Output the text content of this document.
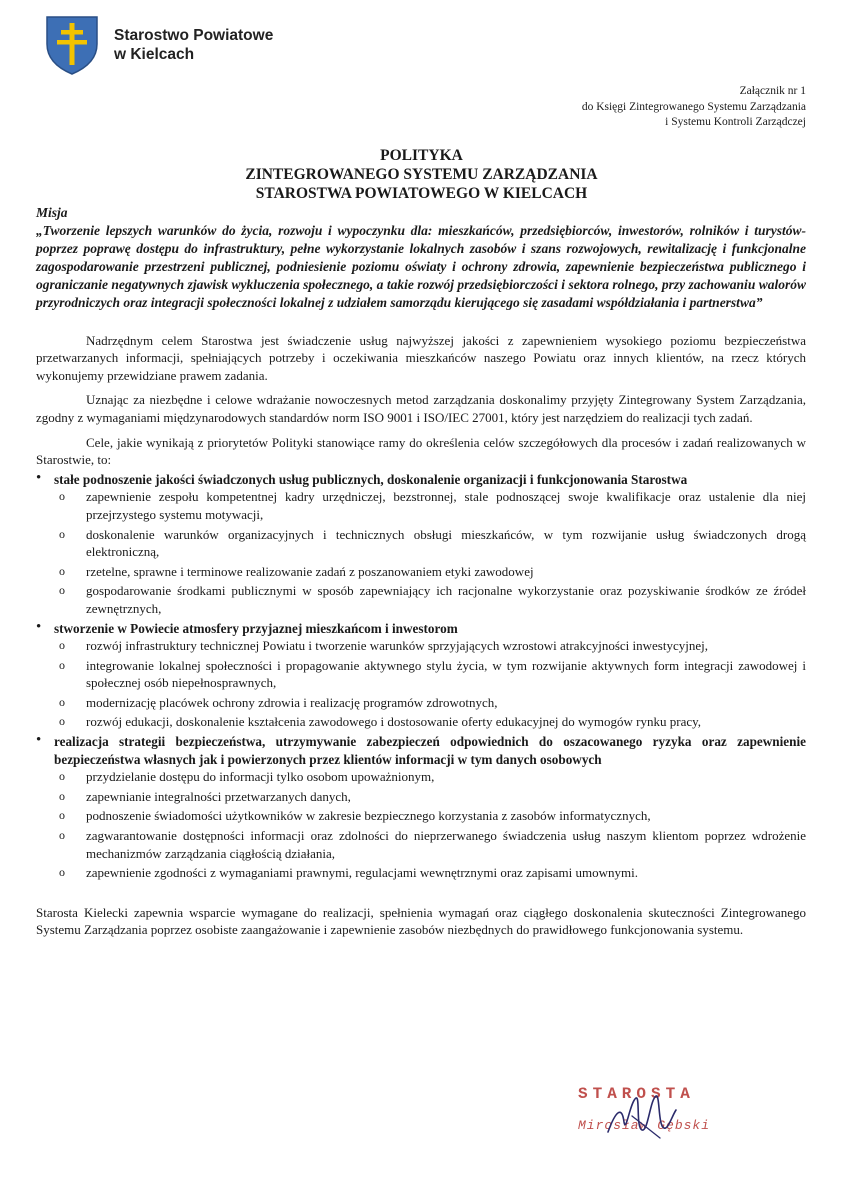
Starostwo Powiatowe
w Kielcach
Załącznik nr 1
do Księgi Zintegrowanego Systemu Zarządzania
i Systemu Kontroli Zarządczej
POLITYKA
ZINTEGROWANEGO SYSTEMU ZARZĄDZANIA
STAROSTWA POWIATOWEGO W KIELCACH

Misja

„Tworzenie lepszych warunków do życia, rozwoju i wypoczynku dla: mieszkańców, przedsiębiorców, inwestorów, rolników i turystów-poprzez poprawę dostępu do infrastruktury, pełne wykorzystanie lokalnych zasobów i szans rozwojowych, rewitalizację i funkcjonalne zagospodarowanie przestrzeni publicznej, podniesienie poziomu oświaty i ochrony zdrowia, zapewnienie bezpieczeństwa publicznego i ograniczanie negatywnych zjawisk wykluczenia społecznego, a takie rozwój przedsiębiorczości i sektora rolnego, przy zachowaniu walorów przyrodniczych oraz integracji społeczności lokalnej z udziałem samorządu kierującego się zasadami współdziałania i partnerstwa”

Nadrzędnym celem Starostwa jest świadczenie usług najwyższej jakości z zapewnieniem wysokiego poziomu bezpieczeństwa przetwarzanych informacji, spełniających potrzeby i oczekiwania mieszkańców naszego Powiatu oraz innych klientów, na rzecz których wykonujemy przewidziane prawem zadania.

Uznając za niezbędne i celowe wdrażanie nowoczesnych metod zarządzania doskonalimy przyjęty Zintegrowany System Zarządzania, zgodny z wymaganiami międzynarodowych standardów norm ISO 9001 i ISO/IEC 27001, który jest narzędziem do realizacji tych zadań.

Cele, jakie wynikają z priorytetów Polityki stanowiące ramy do określenia celów szczegółowych dla procesów i zadań realizowanych w Starostwie, to:

• stałe podnoszenie jakości świadczonych usług publicznych, doskonalenie organizacji i funkcjonowania Starostwa

o zapewnienie zespołu kompetentnej kadry urzędniczej, bezstronnej, stale podnoszącej swoje kwalifikacje oraz ustalenie dla niej przejrzystego systemu motywacji,
o doskonalenie warunków organizacyjnych i technicznych obsługi mieszkańców, w tym rozwijanie usług świadczonych drogą elektroniczną,
o rzetelne, sprawne i terminowe realizowanie zadań z poszanowaniem etyki zawodowej
o gospodarowanie środkami publicznymi w sposób zapewniający ich racjonalne wykorzystanie oraz pozyskiwanie środków ze źródeł zewnętrznych,

• stworzenie w Powiecie atmosfery przyjaznej mieszkańcom i inwestorom

o rozwój infrastruktury technicznej Powiatu i tworzenie warunków sprzyjających wzrostowi atrakcyjności inwestycyjnej,
o integrowanie lokalnej społeczności i propagowanie aktywnego stylu życia, w tym rozwijanie aktywnych form integracji zawodowej i społecznej osób niepełnosprawnych,
o modernizację placówek ochrony zdrowia i realizację programów zdrowotnych,
o rozwój edukacji, doskonalenie kształcenia zawodowego i dostosowanie oferty edukacyjnej do wymogów rynku pracy,

• realizacja strategii bezpieczeństwa, utrzymywanie zabezpieczeń odpowiednich do oszacowanego ryzyka oraz zapewnienie bezpieczeństwa własnych jak i powierzonych przez klientów informacji w tym danych osobowych

o przydzielanie dostępu do informacji tylko osobom upoważnionym,
o zapewnianie integralności przetwarzanych danych,
o podnoszenie świadomości użytkowników w zakresie bezpiecznego korzystania z zasobów informatycznych,
o zagwarantowanie dostępności informacji oraz zdolności do nieprzerwanego świadczenia usług naszym klientom poprzez wdrożenie mechanizmów zarządzania ciągłością działania,
o zapewnienie zgodności z wymaganiami prawnymi, regulacjami wewnętrznymi oraz zapisami umownymi.

Starosta Kielecki zapewnia wsparcie wymagane do realizacji, spełnienia wymagań oraz ciągłego doskonalenia skuteczności Zintegrowanego Systemu Zarządzania poprzez osobiste zaangażowanie i zapewnienie zasobów niezbędnych do prawidłowego funkcjonowania systemu.

STAROSTA
Mirosław Gębski
